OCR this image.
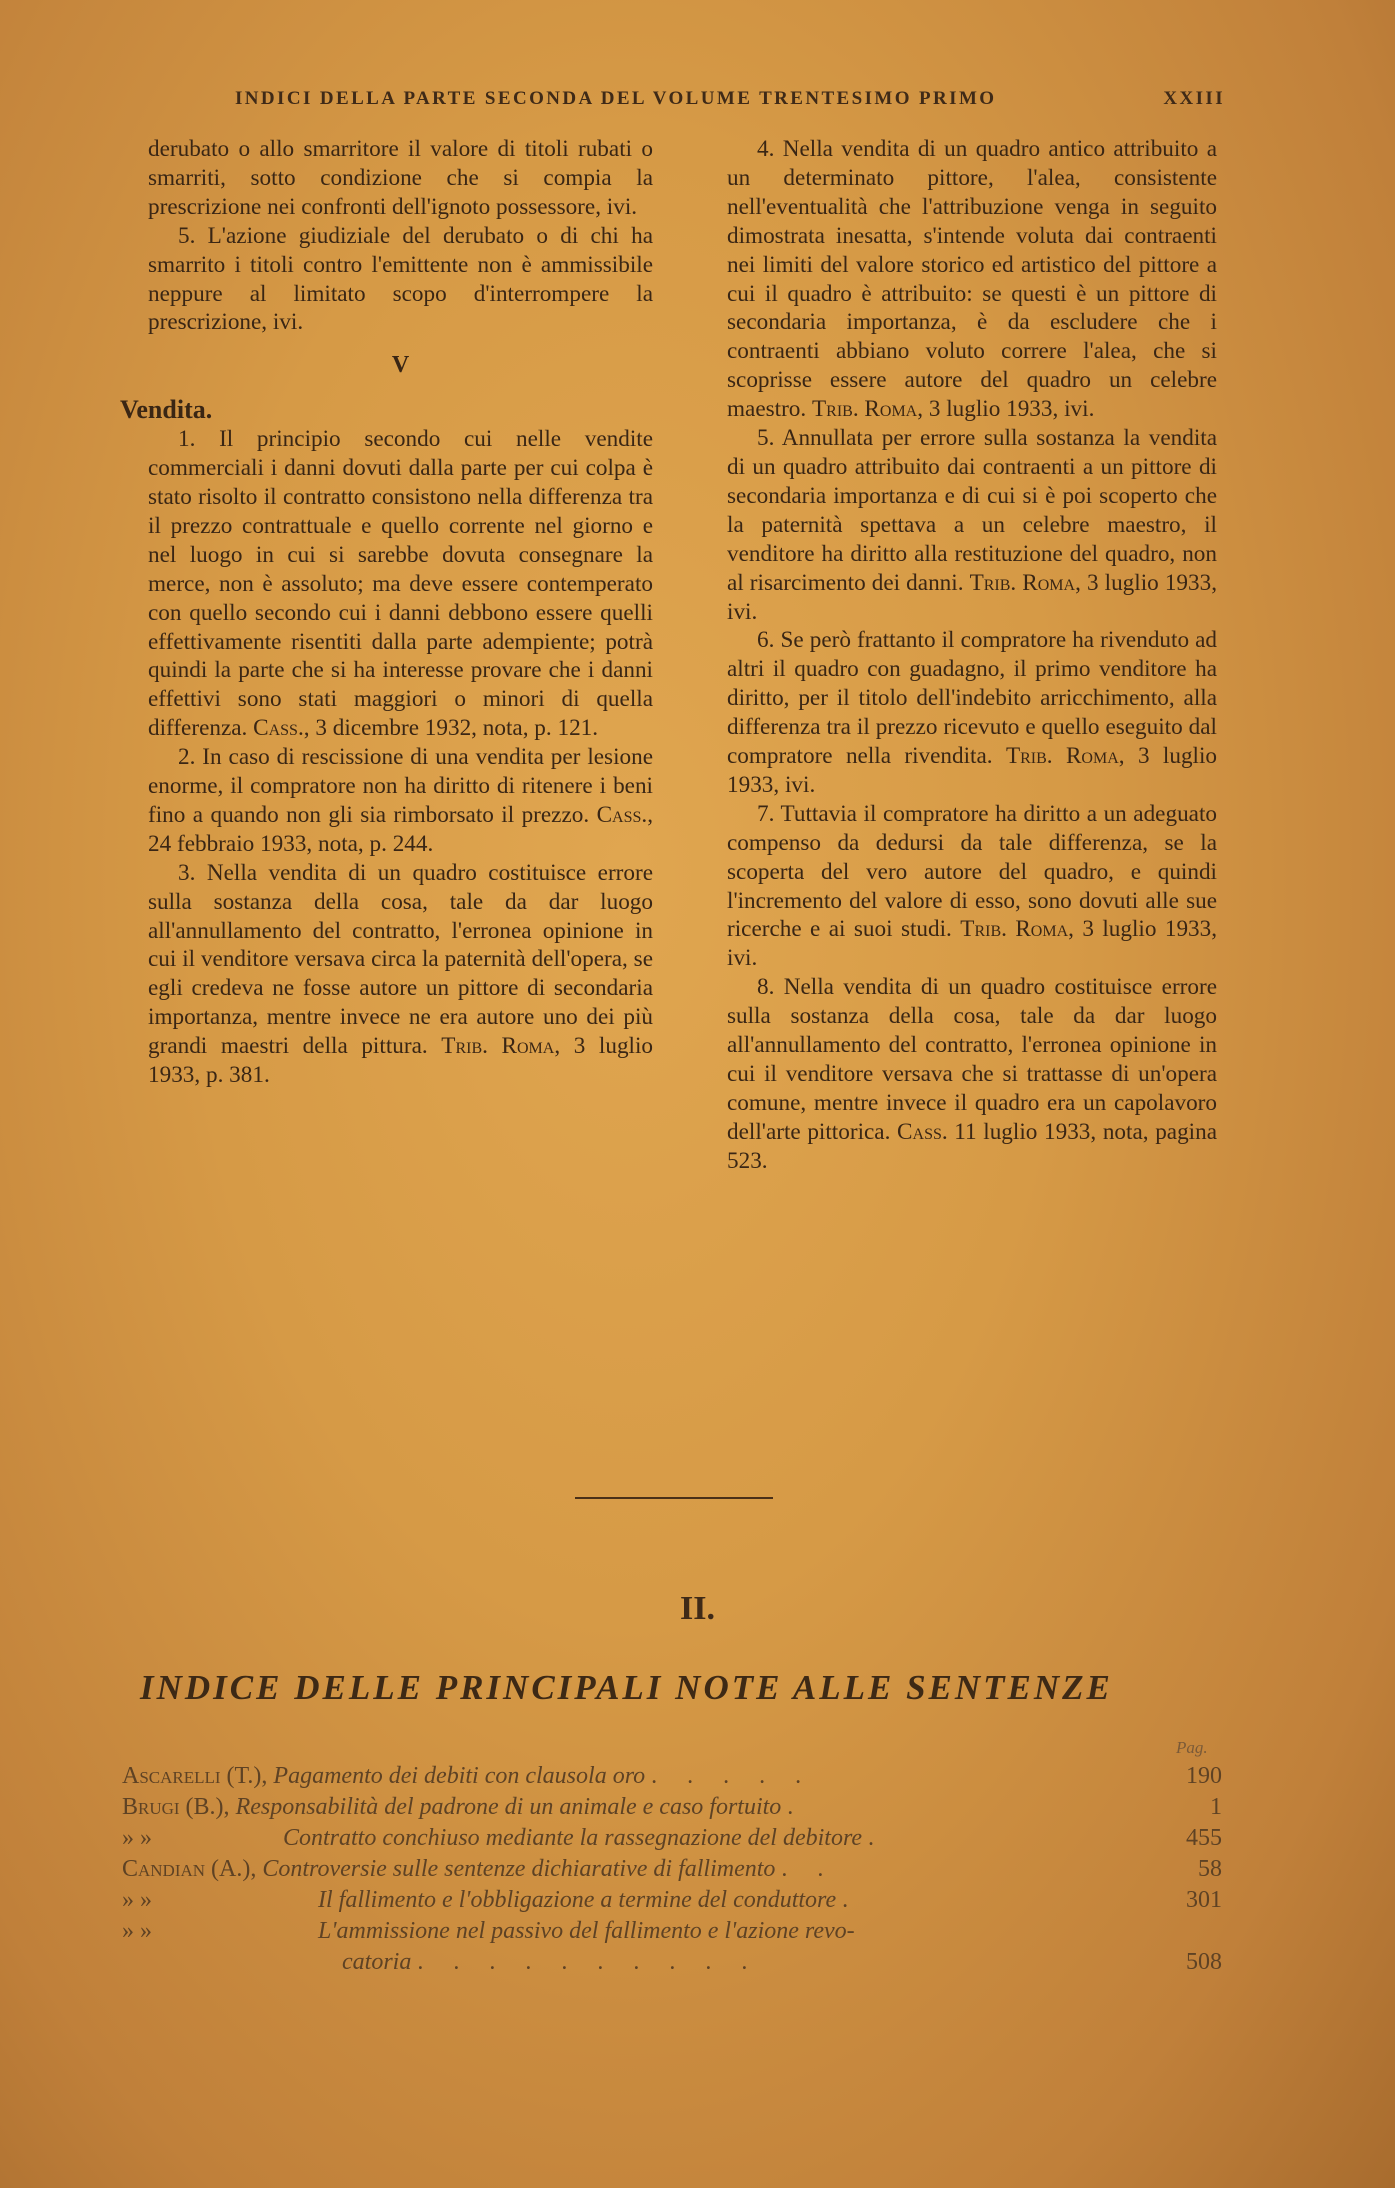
INDICI DELLA PARTE SECONDA DEL VOLUME TRENTESIMO PRIMO	XXIII

derubato o allo smarritore il valore di titoli rubati o smarriti, sotto condizione che si compia la prescrizione nei confronti dell'ignoto possessore, ivi.

5. L'azione giudiziale del derubato o di chi ha smarrito i titoli contro l'emittente non è ammissibile neppure al limitato scopo d'interrompere la prescrizione, ivi.

V
Vendita.

1. Il principio secondo cui nelle vendite commerciali i danni dovuti dalla parte per cui colpa è stato risolto il contratto consistono nella differenza tra il prezzo contrattuale e quello corrente nel giorno e nel luogo in cui si sarebbe dovuta consegnare la merce, non è assoluto; ma deve essere contemperato con quello secondo cui i danni debbono essere quelli effettivamente risentiti dalla parte adempiente; potrà quindi la parte che si ha interesse provare che i danni effettivi sono stati maggiori o minori di quella differenza. Cass., 3 dicembre 1932, nota, p. 121.

2. In caso di rescissione di una vendita per lesione enorme, il compratore non ha diritto di ritenere i beni fino a quando non gli sia rimborsato il prezzo. Cass., 24 febbraio 1933, nota, p. 244.

3. Nella vendita di un quadro costituisce errore sulla sostanza della cosa, tale da dar luogo all'annullamento del contratto, l'erronea opinione in cui il venditore versava circa la paternità dell'opera, se egli credeva ne fosse autore un pittore di secondaria importanza, mentre invece ne era autore uno dei più grandi maestri della pittura. Trib. Roma, 3 luglio 1933, p. 381.

4. Nella vendita di un quadro antico attribuito a un determinato pittore, l'alea, consistente nell'eventualità che l'attribuzione venga in seguito dimostrata inesatta, s'intende voluta dai contraenti nei limiti del valore storico ed artistico del pittore a cui il quadro è attribuito: se questi è un pittore di secondaria importanza, è da escludere che i contraenti abbiano voluto correre l'alea, che si scoprisse essere autore del quadro un celebre maestro. Trib. Roma, 3 luglio 1933, ivi.

5. Annullata per errore sulla sostanza la vendita di un quadro attribuito dai contraenti a un pittore di secondaria importanza e di cui si è poi scoperto che la paternità spettava a un celebre maestro, il venditore ha diritto alla restituzione del quadro, non al risarcimento dei danni. Trib. Roma, 3 luglio 1933, ivi.

6. Se però frattanto il compratore ha rivenduto ad altri il quadro con guadagno, il primo venditore ha diritto, per il titolo dell'indebito arricchimento, alla differenza tra il prezzo ricevuto e quello eseguito dal compratore nella rivendita. Trib. Roma, 3 luglio 1933, ivi.

7. Tuttavia il compratore ha diritto a un adeguato compenso da dedursi da tale differenza, se la scoperta del vero autore del quadro, e quindi l'incremento del valore di esso, sono dovuti alle sue ricerche e ai suoi studi. Trib. Roma, 3 luglio 1933, ivi.

8. Nella vendita di un quadro costituisce errore sulla sostanza della cosa, tale da dar luogo all'annullamento del contratto, l'erronea opinione in cui il venditore versava che si trattasse di un'opera comune, mentre invece il quadro era un capolavoro dell'arte pittorica. Cass. 11 luglio 1933, nota, pagina 523.

II.
INDICE DELLE PRINCIPALI NOTE ALLE SENTENZE
Pag.
Ascarelli (T.), Pagamento dei debiti con clausola oro . . . . .	190
Brugi (B.), Responsabilità del padrone di un animale e caso fortuito .	1
» »	Contratto conchiuso mediante la rassegnazione del debitore .	455
Candian (A.), Controversie sulle sentenze dichiarative di fallimento . .	58
» »	Il fallimento e l'obbligazione a termine del conduttore .	301
» »	L'ammissione nel passivo del fallimento e l'azione revo-
catoria . . . . . . . . . .	508
